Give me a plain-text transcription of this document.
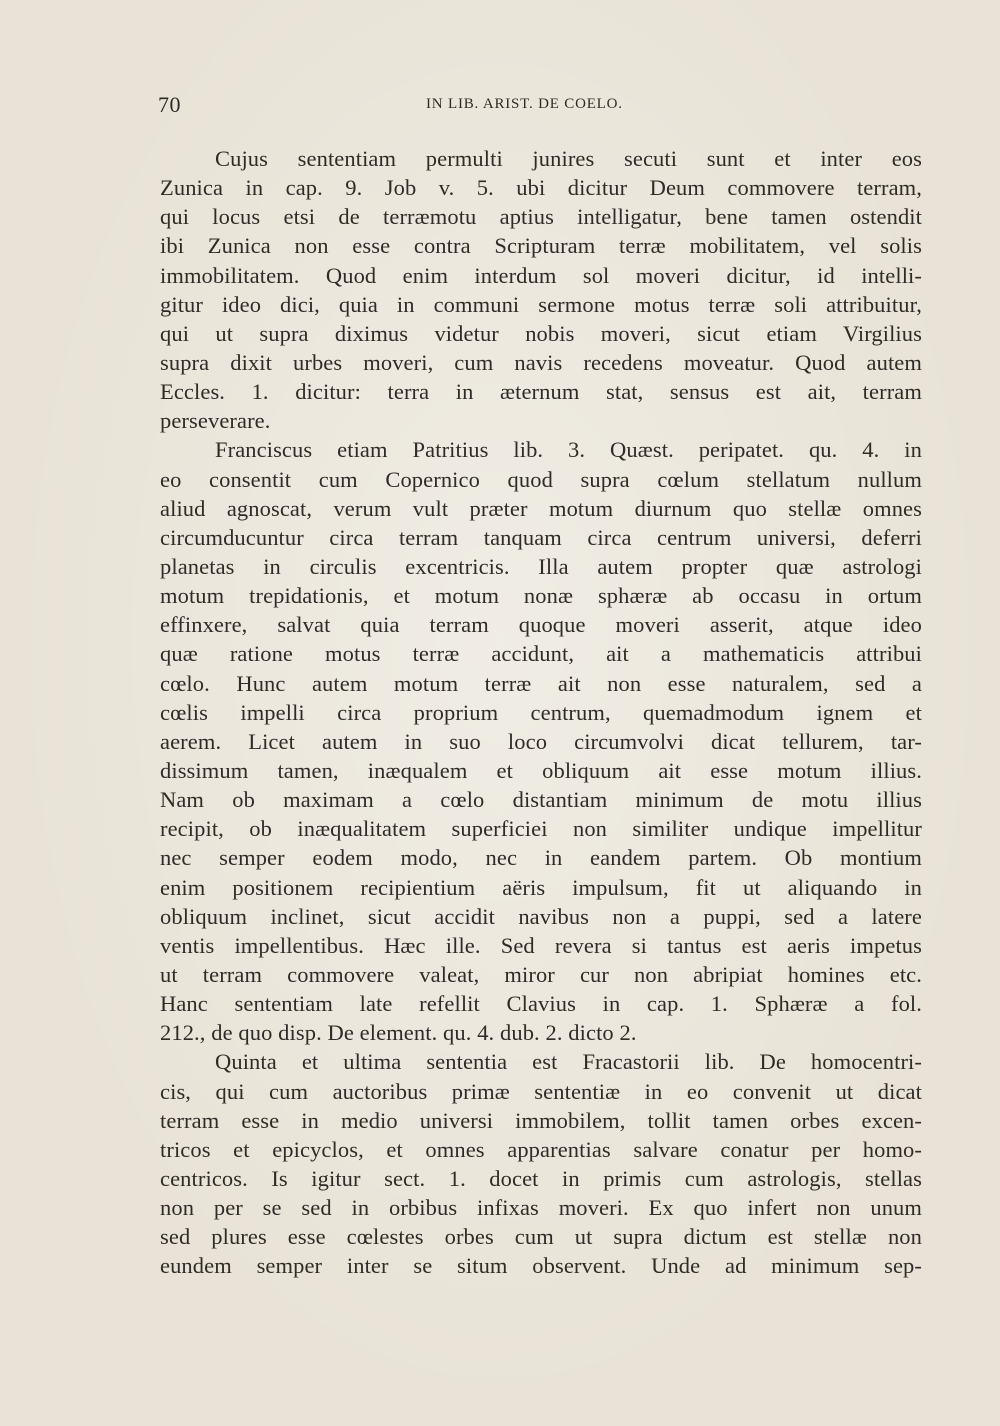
70	IN LIB. ARIST. DE COELO.
Cujus sententiam permulti junires secuti sunt et inter eos
Zunica in cap. 9. Job v. 5. ubi dicitur Deum commovere terram,
qui locus etsi de terræmotu aptius intelligatur, bene tamen ostendit
ibi Zunica non esse contra Scripturam terræ mobilitatem, vel solis
immobilitatem. Quod enim interdum sol moveri dicitur, id intelli-
gitur ideo dici, quia in communi sermone motus terræ soli attribuitur,
qui ut supra diximus videtur nobis moveri, sicut etiam Virgilius
supra dixit urbes moveri, cum navis recedens moveatur. Quod autem
Eccles. 1. dicitur: terra in æternum stat, sensus est ait, terram
perseverare.
Franciscus etiam Patritius lib. 3. Quæst. peripatet. qu. 4. in
eo consentit cum Copernico quod supra cœlum stellatum nullum
aliud agnoscat, verum vult præter motum diurnum quo stellæ omnes
circumducuntur circa terram tanquam circa centrum universi, deferri
planetas in circulis excentricis. Illa autem propter quæ astrologi
motum trepidationis, et motum nonæ sphæræ ab occasu in ortum
effinxere, salvat quia terram quoque moveri asserit, atque ideo
quæ ratione motus terræ accidunt, ait a mathematicis attribui
cœlo. Hunc autem motum terræ ait non esse naturalem, sed a
cœlis impelli circa proprium centrum, quemadmodum ignem et
aerem. Licet autem in suo loco circumvolvi dicat tellurem, tar-
dissimum tamen, inæqualem et obliquum ait esse motum illius.
Nam ob maximam a cœlo distantiam minimum de motu illius
recipit, ob inæqualitatem superficiei non similiter undique impellitur
nec semper eodem modo, nec in eandem partem. Ob montium
enim positionem recipientium aëris impulsum, fit ut aliquando in
obliquum inclinet, sicut accidit navibus non a puppi, sed a latere
ventis impellentibus. Hæc ille. Sed revera si tantus est aeris impetus
ut terram commovere valeat, miror cur non abripiat homines etc.
Hanc sententiam late refellit Clavius in cap. 1. Sphæræ a fol.
212., de quo disp. De element. qu. 4. dub. 2. dicto 2.
Quinta et ultima sententia est Fracastorii lib. De homocentri-
cis, qui cum auctoribus primæ sententiæ in eo convenit ut dicat
terram esse in medio universi immobilem, tollit tamen orbes excen-
tricos et epicyclos, et omnes apparentias salvare conatur per homo-
centricos. Is igitur sect. 1. docet in primis cum astrologis, stellas
non per se sed in orbibus infixas moveri. Ex quo infert non unum
sed plures esse cœlestes orbes cum ut supra dictum est stellæ non
eundem semper inter se situm observent. Unde ad minimum sep-
